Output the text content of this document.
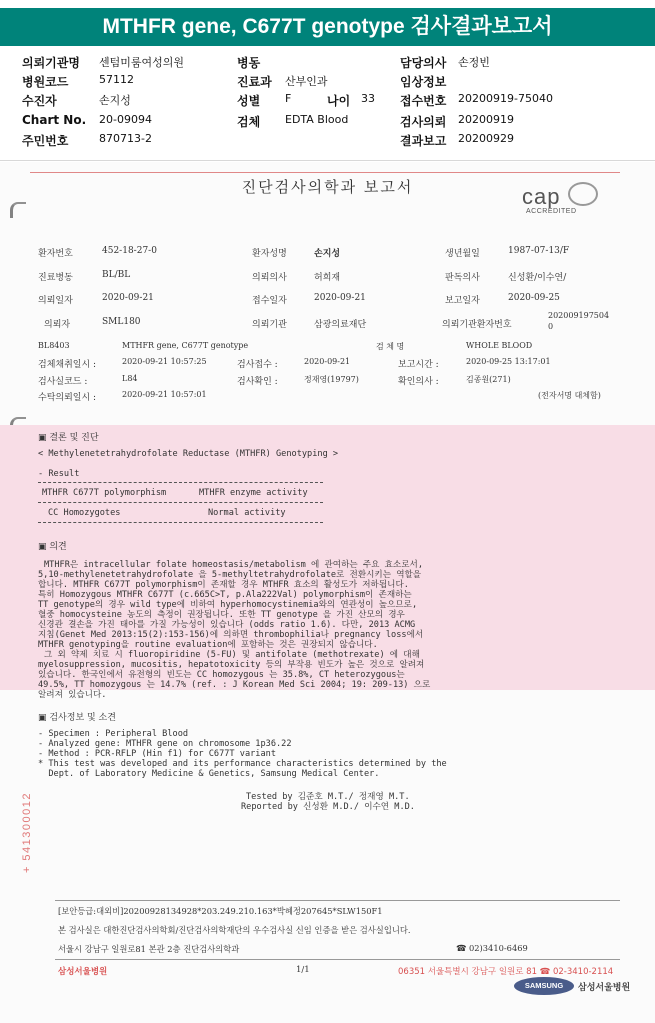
MTHFR gene, C677T genotype 검사결과보고서
의뢰기관명 센텀미룸여성의원	병동	담당의사 손정빈
병원코드	57112	진료과 산부인과	임상정보
수진자	손지성	성별 F	나이 33 접수번호 20200919-75040
Chart No. 20-09094	검체 EDTA Blood	검사의뢰 20200919
주민번호	870713-2	결과보고 20200929
진단검사의학과 보고서	cap
ACCREDITED
환자번호	452-18-27-0	환자성명	손지성	생년월일	1987-07-13/F
진료병동	BL/BL	의뢰의사	허희재	판독의사	신성환/이수연/
의뢰일자	2020-09-21	접수일자	2020-09-21	보고일자	2020-09-25
의뢰자	SML180	의뢰기관	삼광의료재단	의뢰기관환자번호
202009197504
0
BL8403	MTHFR gene, C677T genotype	검 체 명	WHOLE BLOOD
검체채취일시 :	2020-09-21 10:57:25	검사접수 :	2020-09-21	보고시간 :	2020-09-25 13:17:01
검사실코드 :	L84	검사확인 :	정재영(19797)	확인의사 :	김종원(271)
수탁의뢰일시 :	2020-09-21 10:57:01	(전자서명 대체함)
▣ 결론 및 진단
< Methylenetetrahydrofolate Reductase (MTHFR) Genotyping >
- Result
MTHFR C677T polymorphism	MTHFR enzyme activity
CC Homozygotes	Normal activity
▣ 의견
MTHFR은 intracellular folate homeostasis/metabolism 에 관여하는 주요 효소로서,
5,10-methylenetetrahydrofolate 을 5-methyltetrahydrofolate로 전환시키는 역할을
합니다. MTHFR C677T polymorphism이 존재할 경우 MTHFR 효소의 활성도가 저하됩니다.
특히 Homozygous MTHFR C677T (c.665C>T, p.Ala222Val) polymorphism이 존재하는
TT genotype의 경우 wild type에 비하여 hyperhomocystinemia와의 연관성이 높으므로,
혈중 homocysteine 농도의 측정이 권장됩니다. 또한 TT genotype 을 가진 산모의 경우
신경관 결손을 가진 태아를 가질 가능성이 있습니다 (odds ratio 1.6). 다만, 2013 ACMG
지침(Genet Med 2013:15(2):153-156)에 의하면 thrombophilia나 pregnancy loss에서
MTHFR genotyping을 routine evaluation에 포함하는 것은 권장되지 않습니다.
그 외 약제 치료 시 fluoropiridine (5-FU) 및 antifolate (methotrexate) 에 대해
myelosuppression, mucositis, hepatotoxicity 등의 부작용 빈도가 높은 것으로 알려져
있습니다. 한국인에서 유전형의 빈도는 CC homozygous 는 35.8%, CT heterozygous는
49.5%, TT homozygous 는 14.7% (ref. : J Korean Med Sci 2004; 19: 209-13) 으로
알려져 있습니다.
▣ 검사정보 및 소견
- Specimen : Peripheral Blood
- Analyzed gene: MTHFR gene on chromosome 1p36.22
- Method : PCR-RFLP (Hin f1) for C677T variant
* This test was developed and its performance characteristics determined by the
Dept. of Laboratory Medicine & Genetics, Samsung Medical Center.
Tested by 김준호 M.T./ 정재영 M.T.
Reported by 신성환 M.D./ 이수연 M.D.
+ 541300012
[보안등급:대외비]20200928134928*203.249.210.163*박혜정207645*SLW150F1
본 검사실은 대한진단검사의학회/진단검사의학재단의 우수검사실 신임 인증을 받은 검사실입니다.
서울시 강남구 일원로81 본관 2층 진단검사의학과	☎ 02)3410-6469
삼성서울병원	1/1	06351 서울특별시 강남구 일원로 81 ☎ 02-3410-2114
SAMSUNG	삼성서울병원
